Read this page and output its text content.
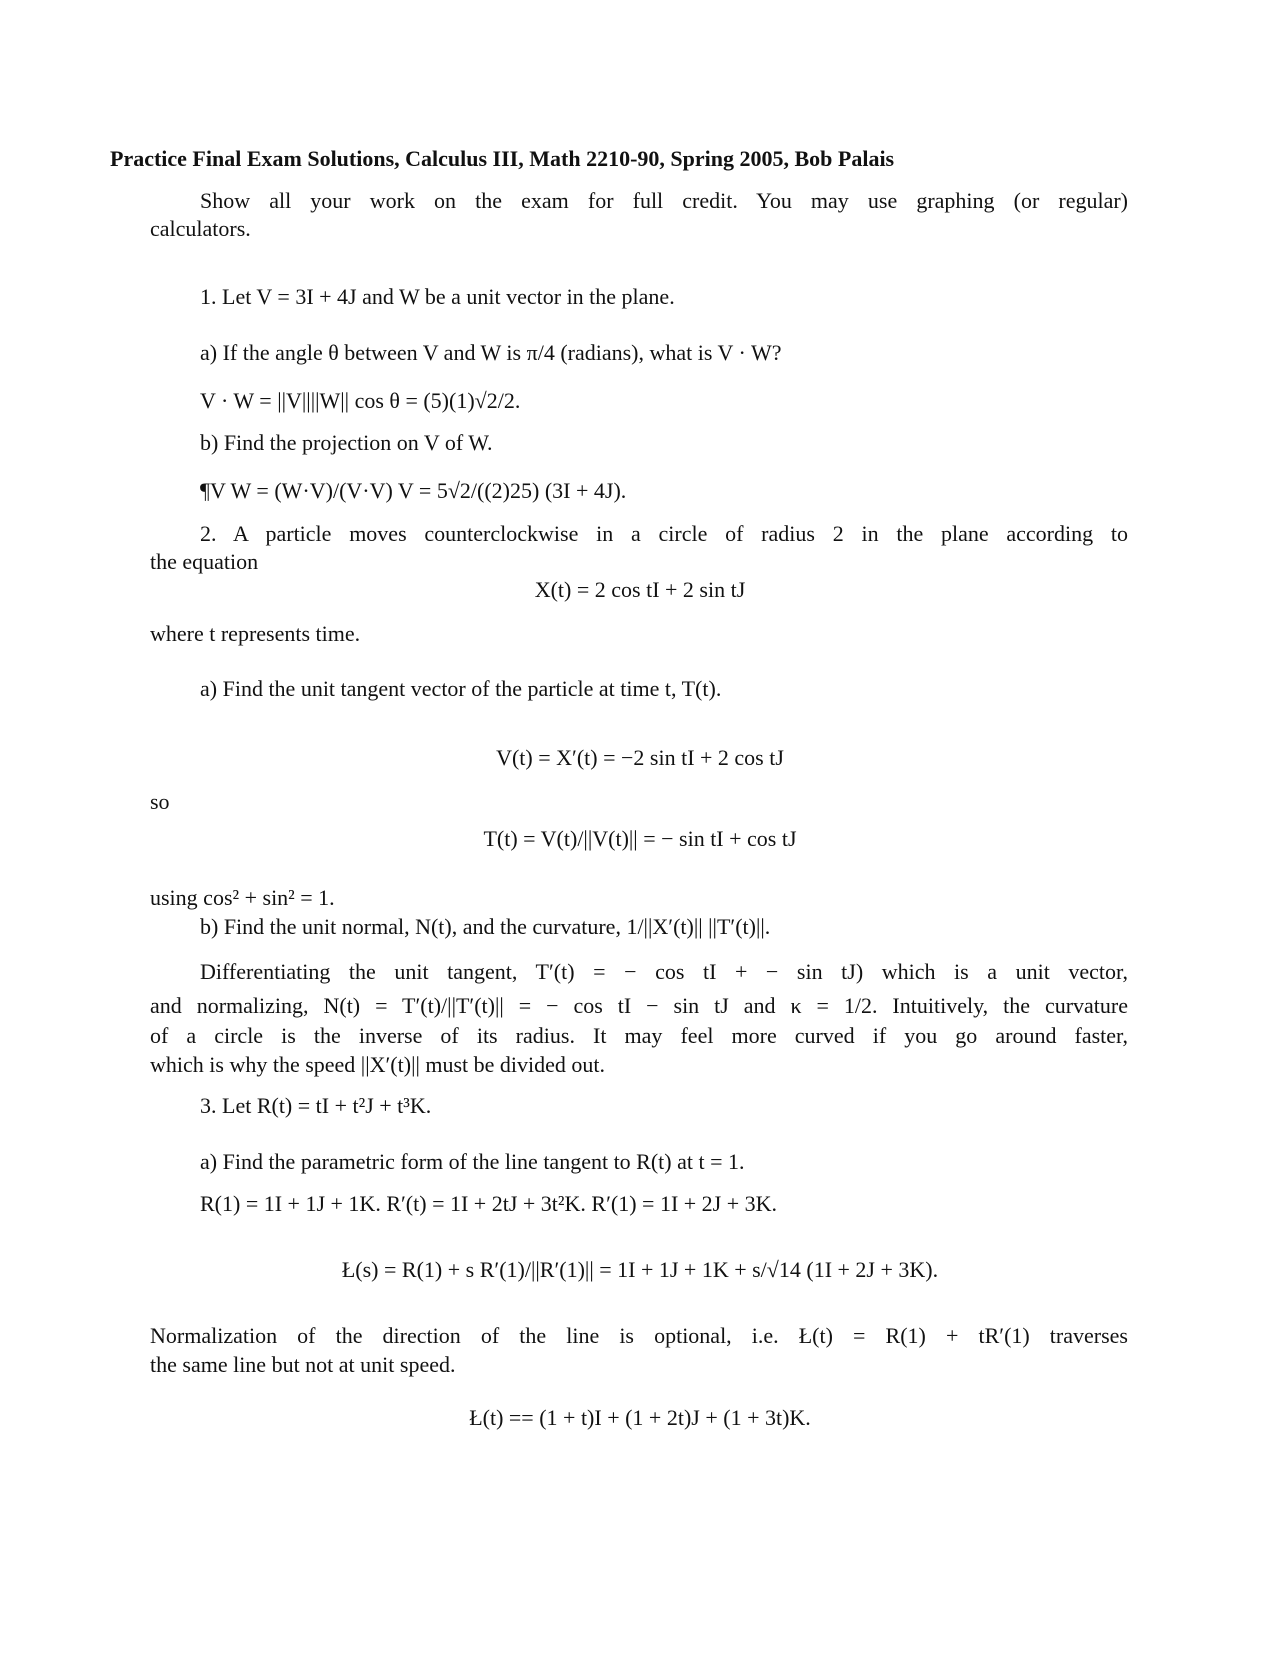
Practice Final Exam Solutions, Calculus III, Math 2210-90, Spring 2005, Bob Palais
Show all your work on the exam for full credit. You may use graphing (or regular)
calculators.
1. Let V = 3I + 4J and W be a unit vector in the plane.
a) If the angle θ between V and W is π/4 (radians), what is V · W?
V · W = ||V||||W|| cos θ = (5)(1)√2/2.
b) Find the projection on V of W.
¶V W = (W·V)/(V·V) V = 5√2/((2)25) (3I + 4J).
2. A particle moves counterclockwise in a circle of radius 2 in the plane according to
the equation
X(t) = 2 cos tI + 2 sin tJ
where t represents time.
a) Find the unit tangent vector of the particle at time t, T(t).
V(t) = X′(t) = −2 sin tI + 2 cos tJ
so
T(t) = V(t)/||V(t)|| = − sin tI + cos tJ
using cos² + sin² = 1.
b) Find the unit normal, N(t), and the curvature, 1/||X′(t)|| ||T′(t)||.
Differentiating the unit tangent, T′(t) = − cos tI + − sin tJ) which is a unit vector,
and normalizing, N(t) = T′(t)/||T′(t)|| = − cos tI − sin tJ and κ = 1/2. Intuitively, the curvature
of a circle is the inverse of its radius. It may feel more curved if you go around faster,
which is why the speed ||X′(t)|| must be divided out.
3. Let R(t) = tI + t²J + t³K.
a) Find the parametric form of the line tangent to R(t) at t = 1.
R(1) = 1I + 1J + 1K. R′(t) = 1I + 2tJ + 3t²K. R′(1) = 1I + 2J + 3K.
Ł(s) = R(1) + s R′(1)/||R′(1)|| = 1I + 1J + 1K + s/√14 (1I + 2J + 3K).
Normalization of the direction of the line is optional, i.e. Ł(t) = R(1) + tR′(1) traverses
the same line but not at unit speed.
Ł(t) == (1 + t)I + (1 + 2t)J + (1 + 3t)K.
